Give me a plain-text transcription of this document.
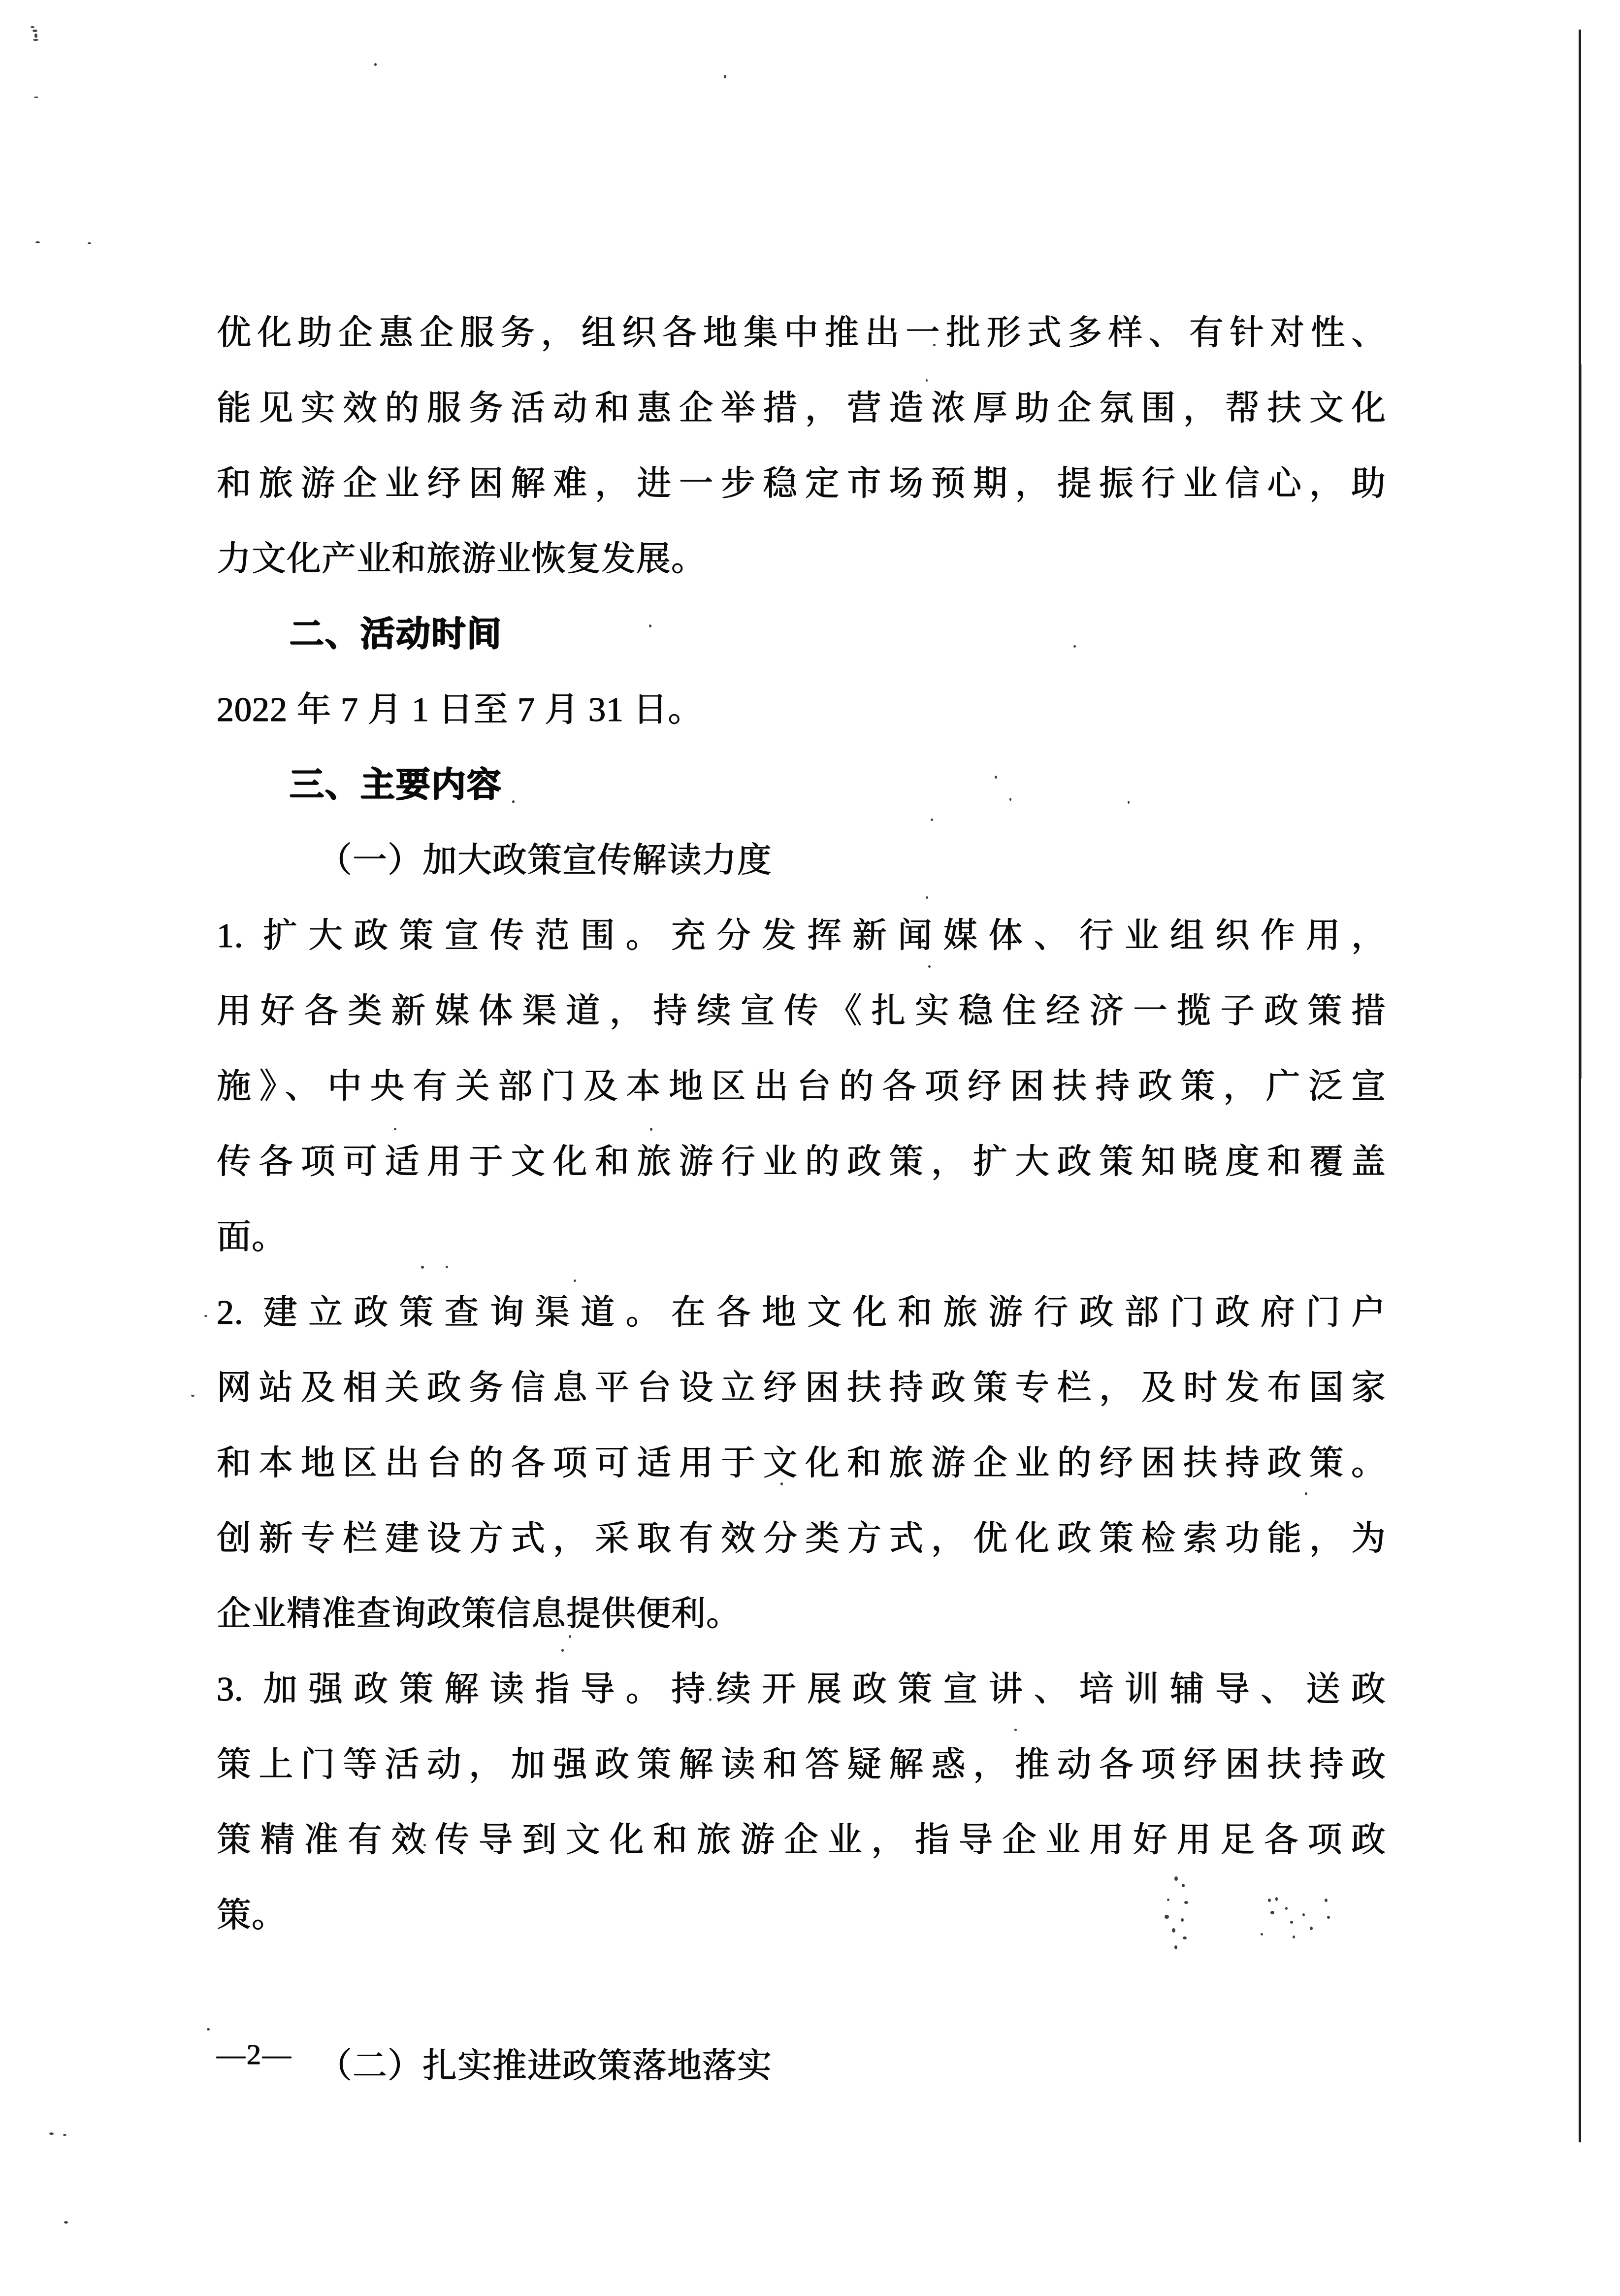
优化助企惠企服务，组织各地集中推出一批形式多样、有针对性、
能见实效的服务活动和惠企举措，营造浓厚助企氛围，帮扶文化
和旅游企业纾困解难，进一步稳定市场预期，提振行业信心，助
力文化产业和旅游业恢复发展。
二、活动时间
2022 年 7 月 1 日至 7 月 31 日。
三、主要内容
（一）加大政策宣传解读力度
1. 扩大政策宣传范围。充分发挥新闻媒体、行业组织作用，
用好各类新媒体渠道，持续宣传《扎实稳住经济一揽子政策措
施》、中央有关部门及本地区出台的各项纾困扶持政策，广泛宣
传各项可适用于文化和旅游行业的政策，扩大政策知晓度和覆盖
面。
2. 建立政策查询渠道。在各地文化和旅游行政部门政府门户
网站及相关政务信息平台设立纾困扶持政策专栏，及时发布国家
和本地区出台的各项可适用于文化和旅游企业的纾困扶持政策。
创新专栏建设方式，采取有效分类方式，优化政策检索功能，为
企业精准查询政策信息提供便利。
3. 加强政策解读指导。持续开展政策宣讲、培训辅导、送政
策上门等活动，加强政策解读和答疑解惑，推动各项纾困扶持政
策精准有效传导到文化和旅游企业，指导企业用好用足各项政
策。
（二）扎实推进政策落地落实
—2—
